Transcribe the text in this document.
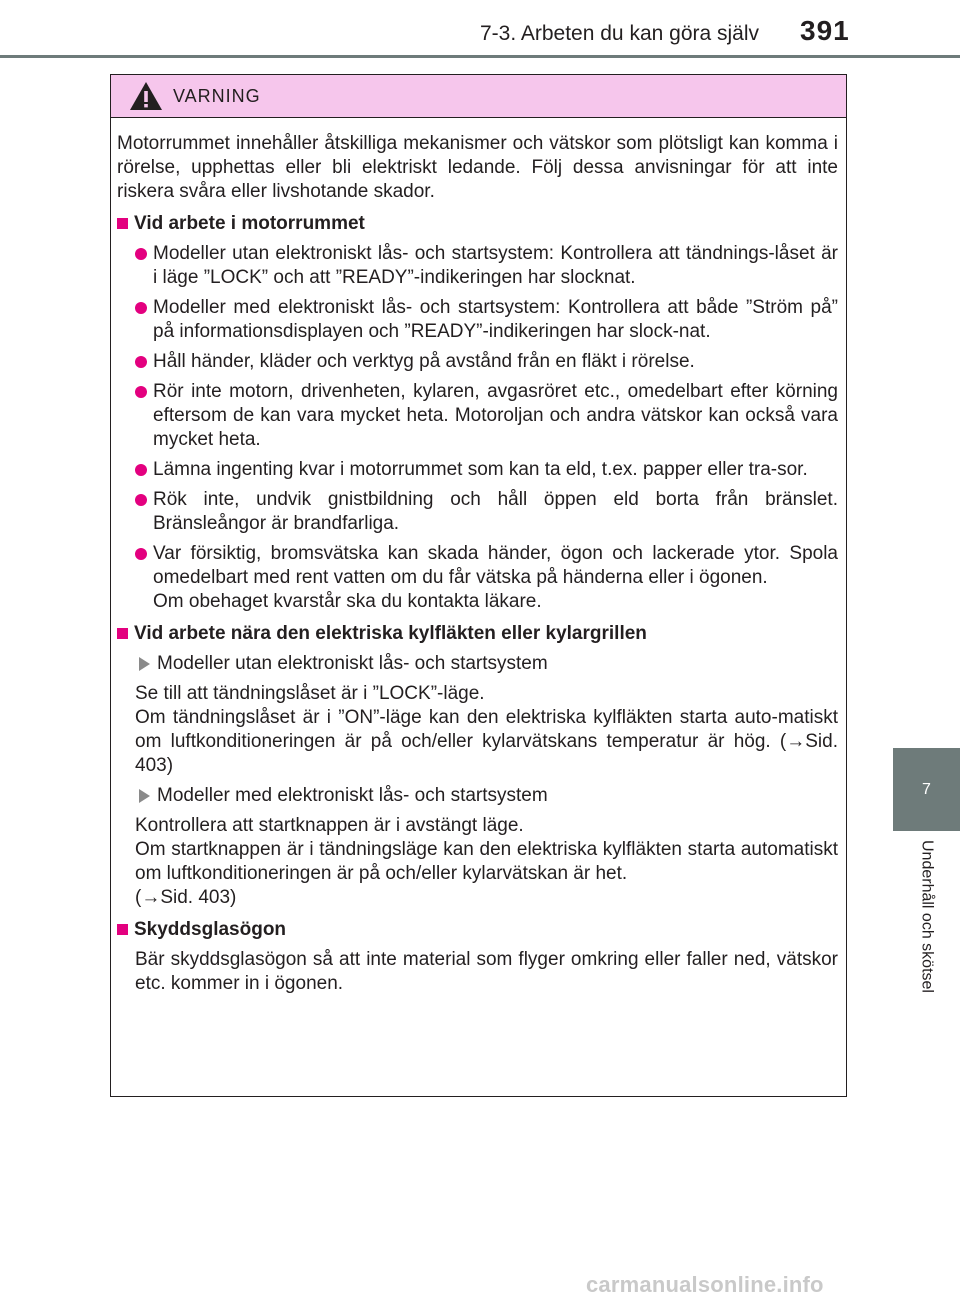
7-3. Arbeten du kan göra själv	391
7
Underhåll och skötsel
VARNING

Motorrummet innehåller åtskilliga mekanismer och vätskor som plötsligt kan komma i rörelse, upphettas eller bli elektriskt ledande. Följ dessa anvisningar för att inte riskera svåra eller livshotande skador.

Vid arbete i motorrummet
Modeller utan elektroniskt lås- och startsystem: Kontrollera att tändnings-låset är i läge ”LOCK” och att ”READY”-indikeringen har slocknat.
Modeller med elektroniskt lås- och startsystem: Kontrollera att både ”Ström på” på informationsdisplayen och ”READY”-indikeringen har slock-nat.
Håll händer, kläder och verktyg på avstånd från en fläkt i rörelse.
Rör inte motorn, drivenheten, kylaren, avgasröret etc., omedelbart efter körning eftersom de kan vara mycket heta. Motoroljan och andra vätskor kan också vara mycket heta.
Lämna ingenting kvar i motorrummet som kan ta eld, t.ex. papper eller tra-sor.
Rök inte, undvik gnistbildning och håll öppen eld borta från bränslet. Bränsleångor är brandfarliga.
Var försiktig, bromsvätska kan skada händer, ögon och lackerade ytor. Spola omedelbart med rent vatten om du får vätska på händerna eller i ögonen.
Om obehaget kvarstår ska du kontakta läkare.
Vid arbete nära den elektriska kylfläkten eller kylargrillen
Modeller utan elektroniskt lås- och startsystem

Se till att tändningslåset är i ”LOCK”-läge.
Om tändningslåset är i ”ON”-läge kan den elektriska kylfläkten starta auto-matiskt om luftkonditioneringen är på och/eller kylarvätskans temperatur är hög. (→Sid. 403)

Modeller med elektroniskt lås- och startsystem

Kontrollera att startknappen är i avstängt läge.
Om startknappen är i tändningsläge kan den elektriska kylfläkten starta automatiskt om luftkonditioneringen är på och/eller kylarvätskan är het.
(→Sid. 403)

Skyddsglasögon

Bär skyddsglasögon så att inte material som flyger omkring eller faller ned, vätskor etc. kommer in i ögonen.

carmanualsonline.info
